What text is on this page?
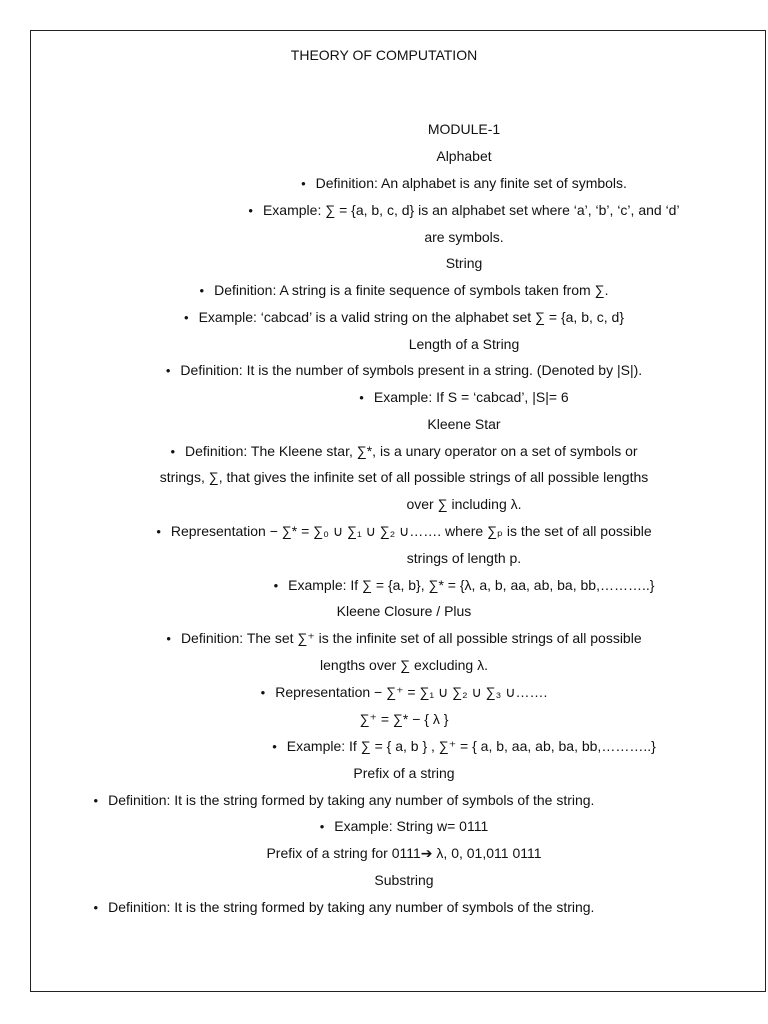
THEORY OF COMPUTATION
MODULE-1
Alphabet
• Definition: An alphabet is any finite set of symbols.
• Example: ∑ = {a, b, c, d} is an alphabet set where ‘a’, ‘b’, ‘c’, and ‘d’
are symbols.
String
• Definition: A string is a finite sequence of symbols taken from ∑.
• Example: ‘cabcad’ is a valid string on the alphabet set ∑ = {a, b, c, d}
Length of a String
• Definition: It is the number of symbols present in a string. (Denoted by |S|).
• Example: If S = ‘cabcad’, |S|= 6
Kleene Star
• Definition: The Kleene star, ∑*, is a unary operator on a set of symbols or
strings, ∑, that gives the infinite set of all possible strings of all possible lengths
over ∑ including λ.
• Representation − ∑* = ∑₀ ∪ ∑₁ ∪ ∑₂ ∪……. where ∑ₚ is the set of all possible
strings of length p.
• Example: If ∑ = {a, b}, ∑* = {λ, a, b, aa, ab, ba, bb,………..}
Kleene Closure / Plus
• Definition: The set ∑⁺ is the infinite set of all possible strings of all possible
lengths over ∑ excluding λ.
• Representation − ∑⁺ = ∑₁ ∪ ∑₂ ∪ ∑₃ ∪…….
∑⁺ = ∑* − { λ }
• Example: If ∑ = { a, b } , ∑⁺ = { a, b, aa, ab, ba, bb,………..}
Prefix of a string
• Definition: It is the string formed by taking any number of symbols of the string.
• Example: String w= 0111
Prefix of a string for 0111➔ λ, 0, 01,011 0111
Substring
• Definition: It is the string formed by taking any number of symbols of the string.
